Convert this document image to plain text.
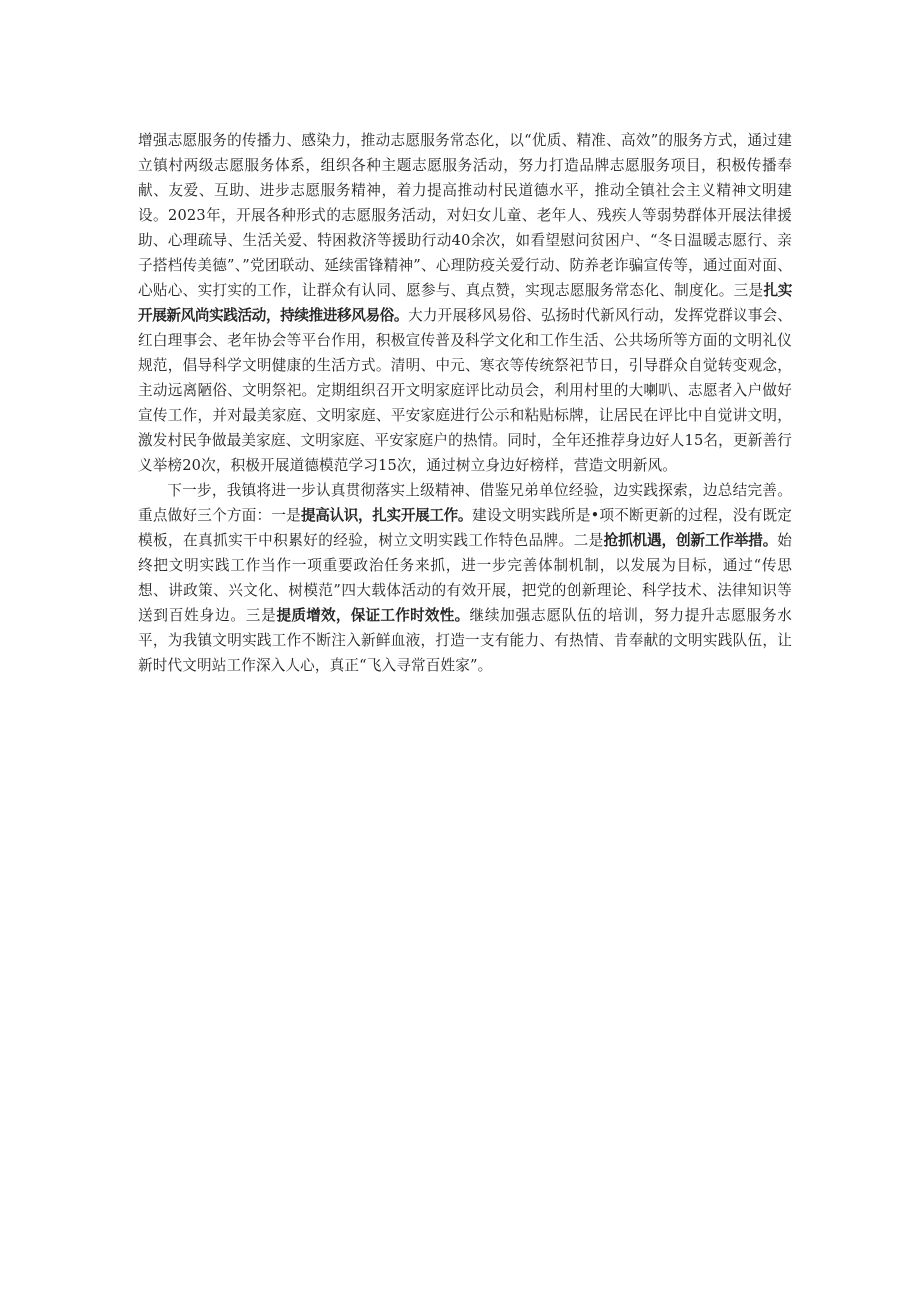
增强志愿服务的传播力、感染力，推动志愿服务常态化，以“优质、精准、高效”的服务方式，通过建立镇村两级志愿服务体系，组织各种主题志愿服务活动，努力打造品牌志愿服务项目，积极传播奉献、友爱、互助、进步志愿服务精神，着力提高推动村民道德水平，推动全镇社会主义精神文明建设。2023年，开展各种形式的志愿服务活动，对妇女儿童、老年人、残疾人等弱势群体开展法律援助、心理疏导、生活关爱、特困救济等援助行动40余次，如看望慰问贫困户、“冬日温暖志愿行、亲子搭档传美德”、”党团联动、延续雷锋精神”、心理防疫关爱行动、防养老诈骗宣传等，通过面对面、心贴心、实打实的工作，让群众有认同、愿参与、真点赞，实现志愿服务常态化、制度化。三是扎实开展新风尚实践活动，持续推进移风易俗。大力开展移风易俗、弘扬时代新风行动，发挥党群议事会、红白理事会、老年协会等平台作用，积极宣传普及科学文化和工作生活、公共场所等方面的文明礼仪规范，倡导科学文明健康的生活方式。清明、中元、寒衣等传统祭祀节日，引导群众自觉转变观念，主动远离陋俗、文明祭祀。定期组织召开文明家庭评比动员会，利用村里的大喇叭、志愿者入户做好宣传工作，并对最美家庭、文明家庭、平安家庭进行公示和粘贴标牌，让居民在评比中自觉讲文明，激发村民争做最美家庭、文明家庭、平安家庭户的热情。同时，全年还推荐身边好人15名，更新善行义举榜20次，积极开展道德模范学习15次，通过树立身边好榜样，营造文明新风。

下一步，我镇将进一步认真贯彻落实上级精神、借鉴兄弟单位经验，边实践探索，边总结完善。重点做好三个方面：一是提高认识，扎实开展工作。建设文明实践所是•项不断更新的过程，没有既定模板，在真抓实干中积累好的经验，树立文明实践工作特色品牌。二是抢抓机遇，创新工作举措。始终把文明实践工作当作一项重要政治任务来抓，进一步完善体制机制，以发展为目标，通过“传思想、讲政策、兴文化、树模范”四大载体活动的有效开展，把党的创新理论、科学技术、法律知识等送到百姓身边。三是提质增效，保证工作时效性。继续加强志愿队伍的培训，努力提升志愿服务水平，为我镇文明实践工作不断注入新鲜血液，打造一支有能力、有热情、肯奉献的文明实践队伍，让新时代文明站工作深入人心，真正“飞入寻常百姓家”。
